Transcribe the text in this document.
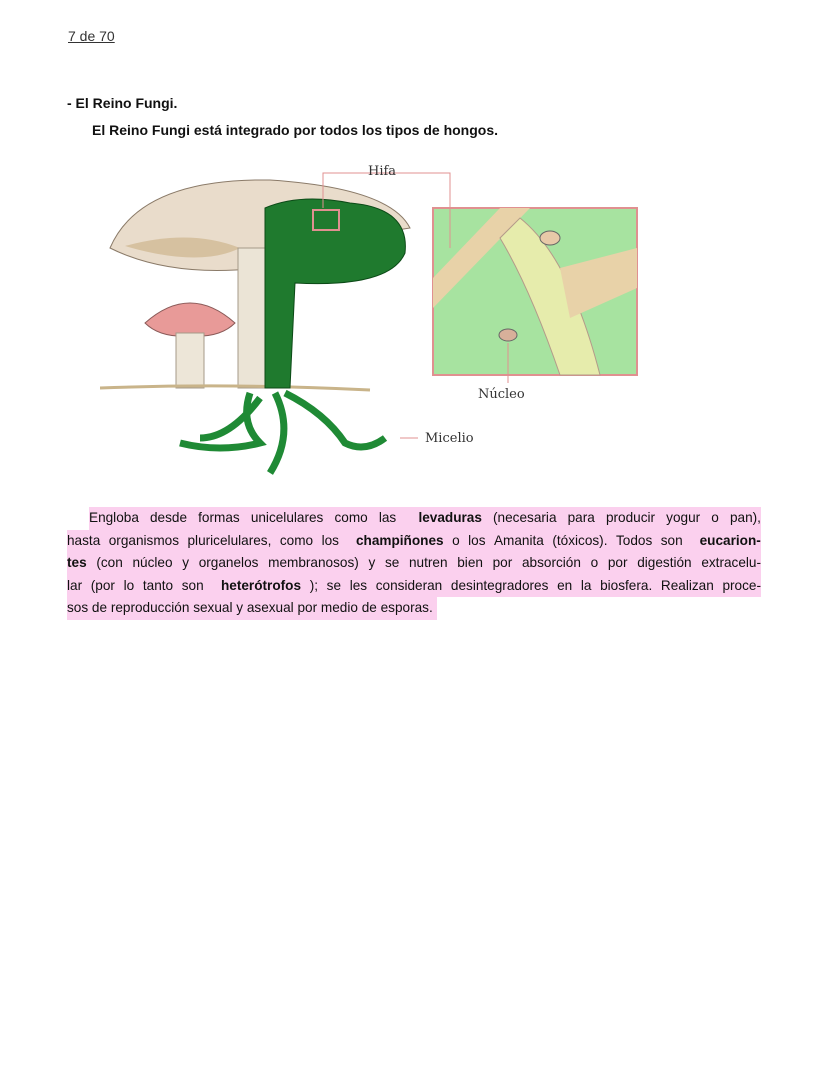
7 de 70
- El Reino Fungi.
El Reino Fungi está integrado por todos los tipos de hongos.
Hifa
Núcleo
Micelio
Engloba desde formas unicelulares como las levaduras (necesaria para producir yogur o pan),
hasta organismos pluricelulares, como los champiñones o los Amanita (tóxicos). Todos son eucarion-
tes (con núcleo y organelos membranosos) y se nutren bien por absorción o por digestión extracelu-
lar (por lo tanto son heterótrofos ); se les consideran desintegradores en la biosfera. Realizan proce-
sos de reproducción sexual y asexual por medio de esporas.
